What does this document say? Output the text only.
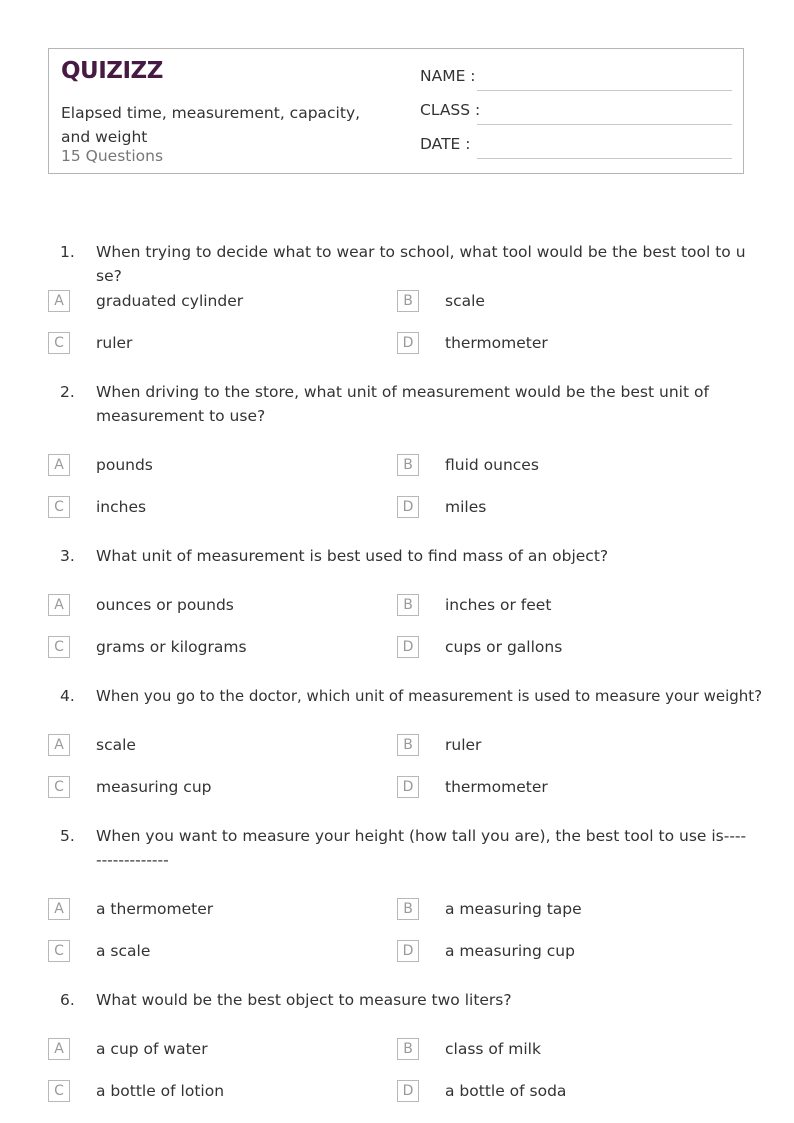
QUIZIZZ
Elapsed time, measurement, capacity, and weight
15 Questions
NAME :
CLASS :
DATE :
1. When trying to decide what to wear to school, what tool would be the best tool to use?
A	graduated cylinder	B	scale
C	ruler	D	thermometer
2. When driving to the store, what unit of measurement would be the best unit of measurement to use?
A	pounds	B	fluid ounces
C	inches	D	miles
3. What unit of measurement is best used to find mass of an object?
A	ounces or pounds	B	inches or feet
C	grams or kilograms	D	cups or gallons
4. When you go to the doctor, which unit of measurement is used to measure your weight?
A	scale	B	ruler
C	measuring cup	D	thermometer
5. When you want to measure your height (how tall you are), the best tool to use is-----------------
A	a thermometer	B	a measuring tape
C	a scale	D	a measuring cup
6. What would be the best object to measure two liters?
A	a cup of water	B	class of milk
C	a bottle of lotion	D	a bottle of soda
